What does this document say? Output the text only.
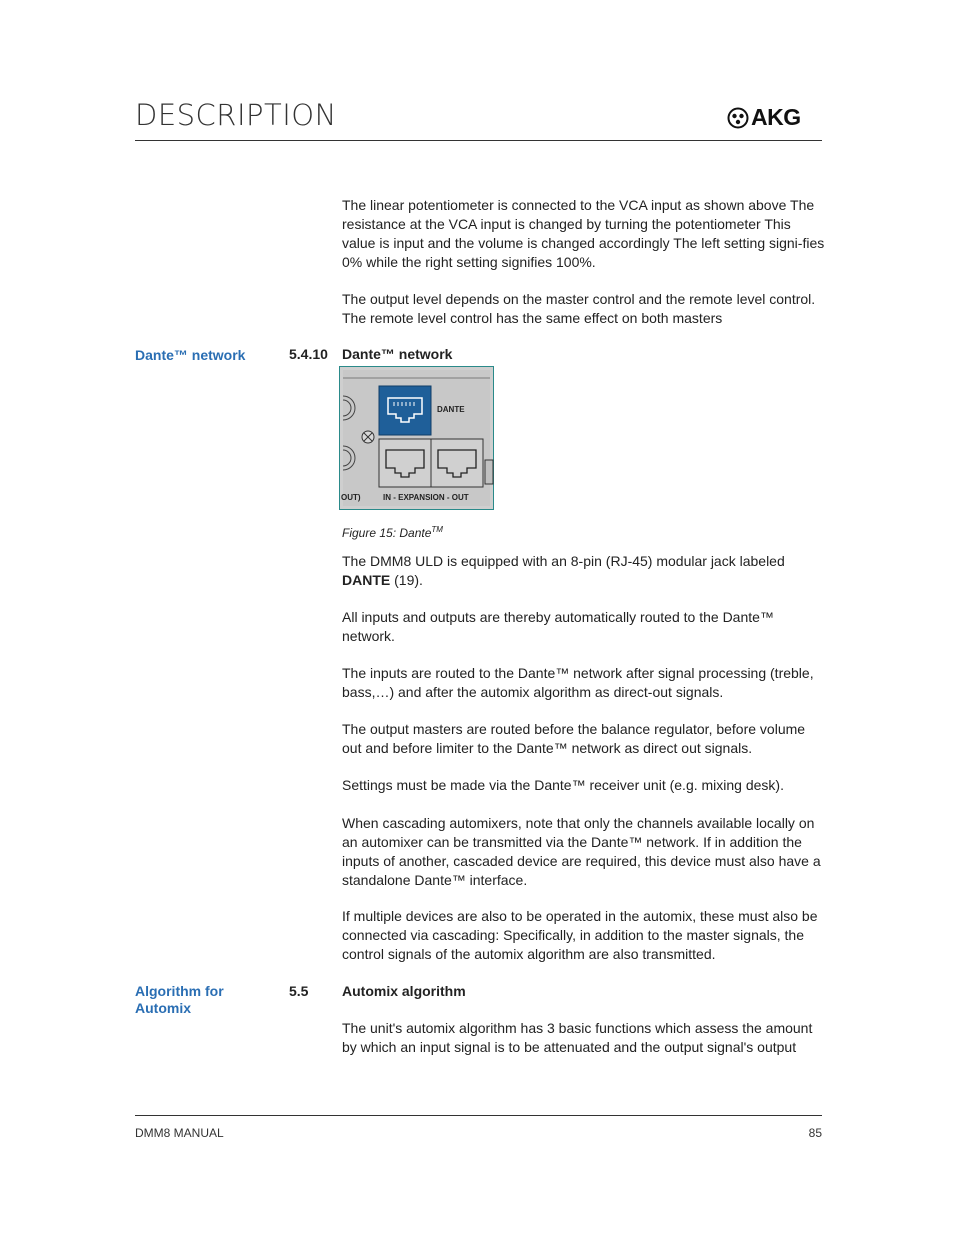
DESCRIPTION	AKG
The linear potentiometer is connected to the VCA input as shown above The resistance at the VCA input is changed by turning the potentiometer This value is input and the volume is changed accordingly The left setting signi-fies 0% while the right setting signifies 100%.
The output level depends on the master control and the remote level control. The remote level control has the same effect on both masters
Dante™ network	5.4.10 Dante™ network
DANTE
IN - EXPANSION - OUT
OUT)
Figure 15: Dante™
The DMM8 ULD is equipped with an 8-pin (RJ-45) modular jack labeled DANTE (19).
All inputs and outputs are thereby automatically routed to the Dante™ network.
The inputs are routed to the Dante™ network after signal processing (treble, bass,…) and after the automix algorithm as direct-out signals.
The output masters are routed before the balance regulator, before volume out and before limiter to the Dante™ network as direct out signals.
Settings must be made via the Dante™ receiver unit (e.g. mixing desk).
When cascading automixers, note that only the channels available locally on an automixer can be transmitted via the Dante™ network. If in addition the inputs of another, cascaded device are required, this device must also have a standalone Dante™ interface.
If multiple devices are also to be operated in the automix, these must also be connected via cascading: Specifically, in addition to the master signals, the control signals of the automix algorithm are also transmitted.
Algorithm for
Automix
5.5 Automix algorithm
The unit's automix algorithm has 3 basic functions which assess the amount by which an input signal is to be attenuated and the output signal's output
DMM8 MANUAL	85
